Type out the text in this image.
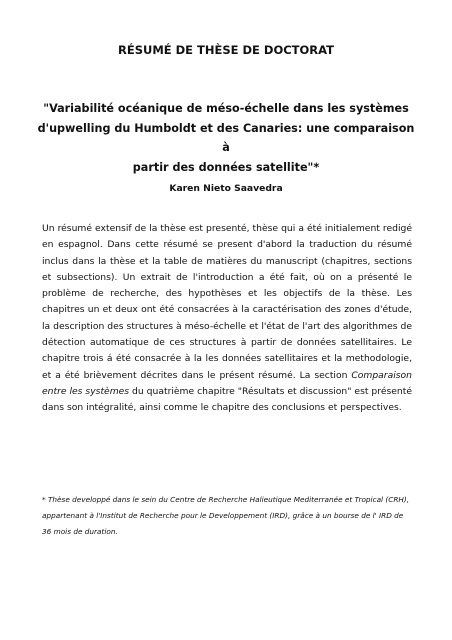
RÉSUMÉ DE THÈSE DE DOCTORAT
"Variabilité océanique de méso-échelle dans les systèmes
d'upwelling du Humboldt et des Canaries: une comparaison à
partir des données satellite"*
Karen Nieto Saavedra

Un résumé extensif de la thèse est presenté, thèse qui a été initialement redigé en espagnol. Dans cette résumé se present d'abord la traduction du résumé inclus dans la thèse et la table de matières du manuscript (chapitres, sections et subsections). Un extrait de l'introduction a été fait, où on a présenté le problème de recherche, des hypothèses et les objectifs de la thèse. Les chapitres un et deux ont été consacrées à la caractérisation des zones d'étude, la description des structures à méso-échelle et l'état de l'art des algorithmes de détection automatique de ces structures à partir de données satellitaires. Le chapitre trois á été consacrée à la les données satellitaires et la methodologie, et a été brièvement décrites dans le présent résumé. La section Comparaison entre les systèmes du quatrième chapitre "Résultats et discussion" est présenté dans son intégralité, ainsi comme le chapitre des conclusions et perspectives.

* Thèse developpé dans le sein du Centre de Recherche Halieutique Mediterranée et Tropical (CRH), appartenant à l'Institut de Recherche pour le Developpement (IRD), grâce à un bourse de l' IRD de 36 mois de duration.
